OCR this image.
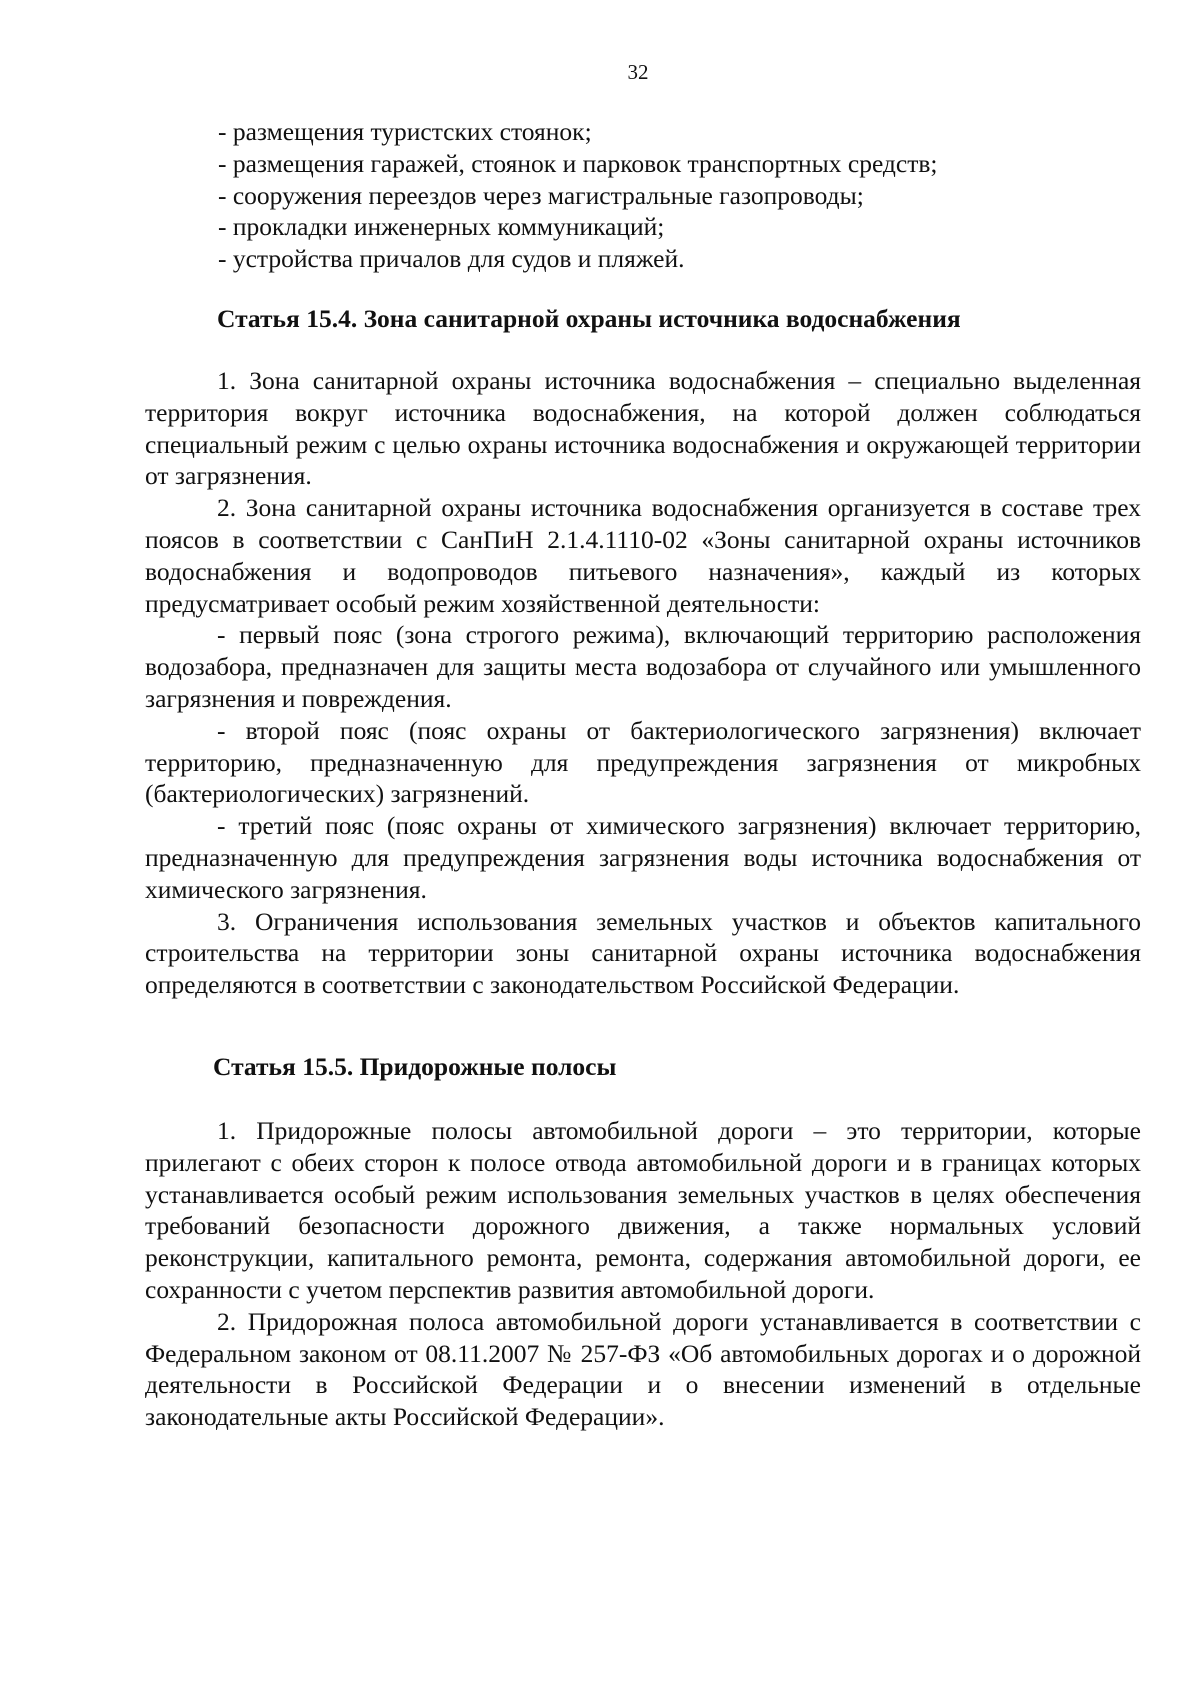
32
- размещения туристских стоянок;
- размещения гаражей, стоянок и парковок транспортных средств;
- сооружения переездов через магистральные газопроводы;
- прокладки инженерных коммуникаций;
- устройства причалов для судов и пляжей.
Статья 15.4. Зона санитарной охраны источника водоснабжения

1. Зона санитарной охраны источника водоснабжения – специально выделенная территория вокруг источника водоснабжения, на которой должен соблюдаться специальный режим с целью охраны источника водоснабжения и окружающей территории от загрязнения.

2. Зона санитарной охраны источника водоснабжения организуется в составе трех поясов в соответствии с СанПиН 2.1.4.1110-02 «Зоны санитарной охраны источников водоснабжения и водопроводов питьевого назначения», каждый из которых предусматривает особый режим хозяйственной деятельности:

- первый пояс (зона строгого режима), включающий территорию расположения водозабора, предназначен для защиты места водозабора от случайного или умышленного загрязнения и повреждения.

- второй пояс (пояс охраны от бактериологического загрязнения) включает территорию, предназначенную для предупреждения загрязнения от микробных (бактериологических) загрязнений.

- третий пояс (пояс охраны от химического загрязнения) включает территорию, предназначенную для предупреждения загрязнения воды источника водоснабжения от химического загрязнения.

3. Ограничения использования земельных участков и объектов капитального строительства на территории зоны санитарной охраны источника водоснабжения определяются в соответствии с законодательством Российской Федерации.

Статья 15.5. Придорожные полосы

1. Придорожные полосы автомобильной дороги – это территории, которые прилегают с обеих сторон к полосе отвода автомобильной дороги и в границах которых устанавливается особый режим использования земельных участков в целях обеспечения требований безопасности дорожного движения, а также нормальных условий реконструкции, капитального ремонта, ремонта, содержания автомобильной дороги, ее сохранности с учетом перспектив развития автомобильной дороги.

2. Придорожная полоса автомобильной дороги устанавливается в соответствии с Федеральном законом от 08.11.2007 № 257-ФЗ «Об автомобильных дорогах и о дорожной деятельности в Российской Федерации и о внесении изменений в отдельные законодательные акты Российской Федерации».
